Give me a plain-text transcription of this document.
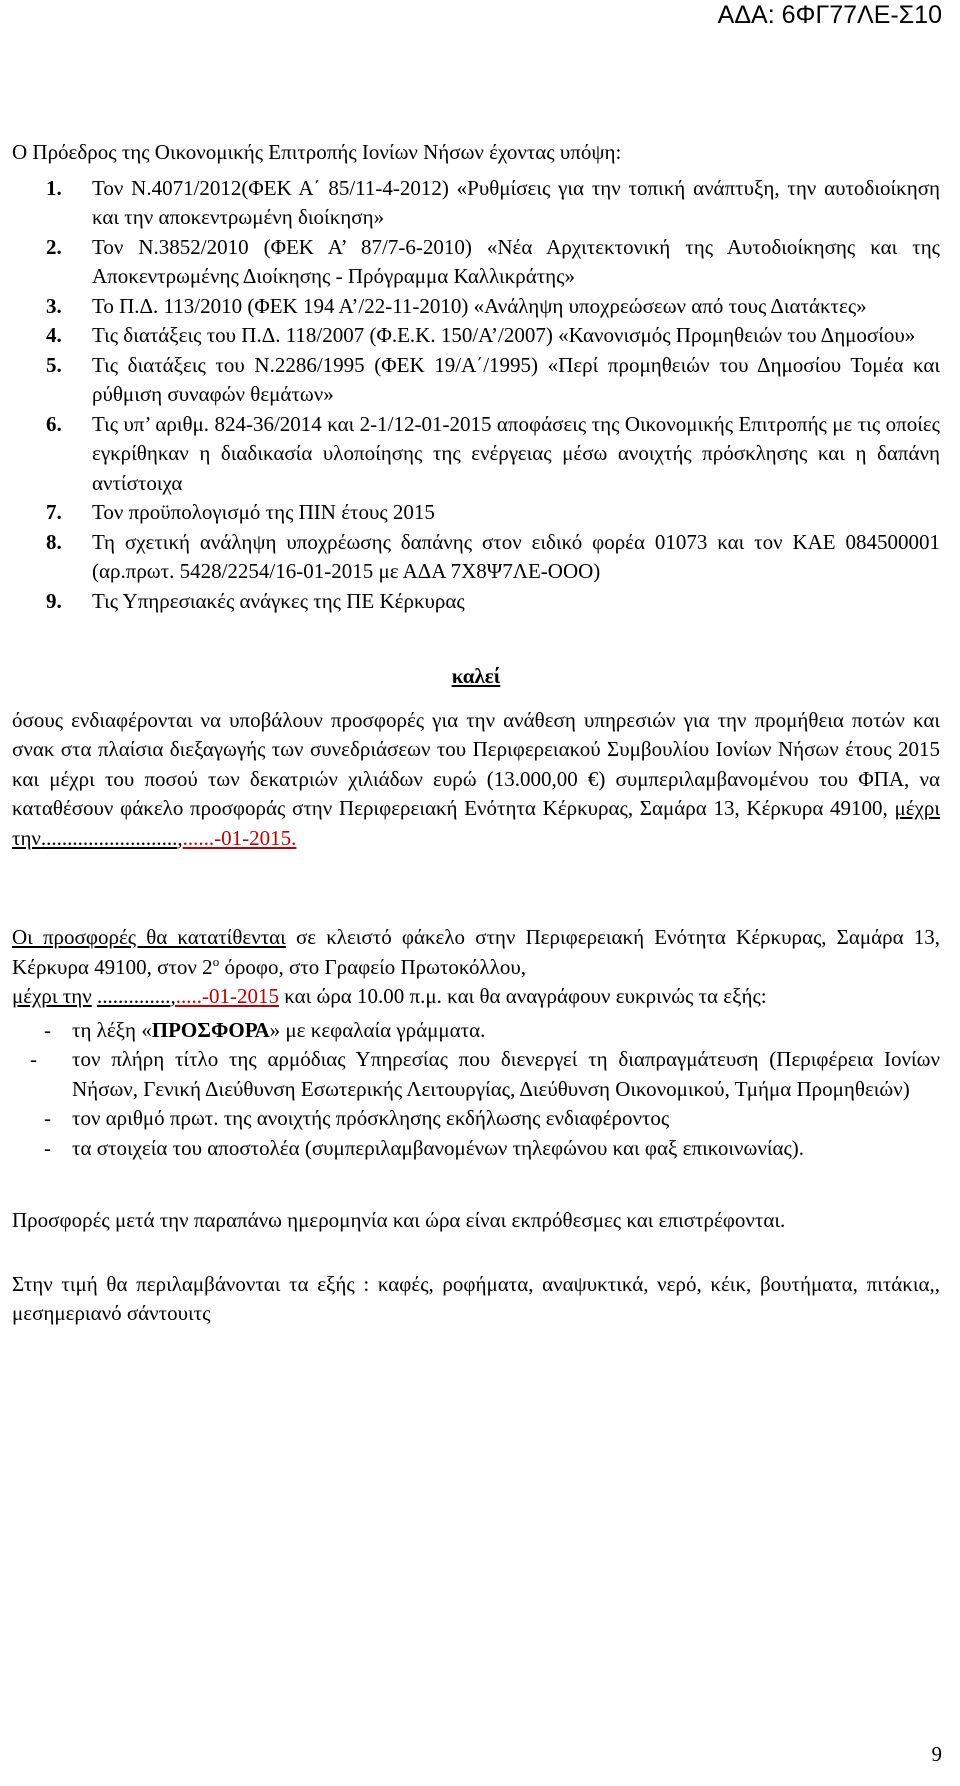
ΑΔΑ: 6ΦΓ77ΛΕ-Σ10

Ο Πρόεδρος της Οικονομικής Επιτροπής Ιονίων Νήσων έχοντας υπόψη:

1. Τον Ν.4071/2012(ΦΕΚ Α΄ 85/11-4-2012) «Ρυθμίσεις για την τοπική ανάπτυξη, την αυτοδιοίκηση και την αποκεντρωμένη διοίκηση»
2. Τον Ν.3852/2010 (ΦΕΚ Α’ 87/7-6-2010) «Νέα Αρχιτεκτονική της Αυτοδιοίκησης και της Αποκεντρωμένης Διοίκησης - Πρόγραμμα Καλλικράτης»
3. Το Π.Δ. 113/2010 (ΦΕΚ 194 Α’/22-11-2010) «Ανάληψη υποχρεώσεων από τους Διατάκτες»
4. Τις διατάξεις του Π.Δ. 118/2007 (Φ.Ε.Κ. 150/Α’/2007) «Κανονισμός Προμηθειών του Δημοσίου»
5. Τις διατάξεις του Ν.2286/1995 (ΦΕΚ 19/Α΄/1995) «Περί προμηθειών του Δημοσίου Τομέα και ρύθμιση συναφών θεμάτων»
6. Τις υπ’ αριθμ. 824-36/2014 και 2-1/12-01-2015 αποφάσεις της Οικονομικής Επιτροπής με τις οποίες εγκρίθηκαν η διαδικασία υλοποίησης της ενέργειας μέσω ανοιχτής πρόσκλησης και η δαπάνη αντίστοιχα
7. Τον προϋπολογισμό της ΠΙΝ έτους 2015
8. Τη σχετική ανάληψη υποχρέωσης δαπάνης στον ειδικό φορέα 01073 και τον ΚΑΕ 084500001 (αρ.πρωτ. 5428/2254/16-01-2015 με ΑΔΑ 7Χ8Ψ7ΛΕ-ΟΟΟ)
9. Τις Υπηρεσιακές ανάγκες της ΠΕ Κέρκυρας
καλεί

όσους ενδιαφέρονται να υποβάλουν προσφορές για την ανάθεση υπηρεσιών για την προμήθεια ποτών και σνακ στα πλαίσια διεξαγωγής των συνεδριάσεων του Περιφερειακού Συμβουλίου Ιονίων Νήσων έτους 2015 και μέχρι του ποσού των δεκατριών χιλιάδων ευρώ (13.000,00 €) συμπεριλαμβανομένου του ΦΠΑ, να καταθέσουν φάκελο προσφοράς στην Περιφερειακή Ενότητα Κέρκυρας, Σαμάρα 13, Κέρκυρα 49100, μέχρι την..........................,......-01-2015.

Οι προσφορές θα κατατίθενται σε κλειστό φάκελο στην Περιφερειακή Ενότητα Κέρκυρας, Σαμάρα 13, Κέρκυρα 49100, στον $2^o$ όροφο, στο Γραφείο Πρωτοκόλλου,
μέχρι την ..............,.....-01-2015 και ώρα 10.00 π.μ. και θα αναγράφουν ευκρινώς τα εξής:

- τη λέξη «ΠΡΟΣΦΟΡΑ» με κεφαλαία γράμματα.
- τον πλήρη τίτλο της αρμόδιας Υπηρεσίας που διενεργεί τη διαπραγμάτευση (Περιφέρεια Ιονίων Νήσων, Γενική Διεύθυνση Εσωτερικής Λειτουργίας, Διεύθυνση Οικονομικού, Τμήμα Προμηθειών)
- τον αριθμό πρωτ. της ανοιχτής πρόσκλησης εκδήλωσης ενδιαφέροντος
- τα στοιχεία του αποστολέα (συμπεριλαμβανομένων τηλεφώνου και φαξ επικοινωνίας).

Προσφορές μετά την παραπάνω ημερομηνία και ώρα είναι εκπρόθεσμες και επιστρέφονται.

Στην τιμή θα περιλαμβάνονται τα εξής : καφές, ροφήματα, αναψυκτικά, νερό, κέικ, βουτήματα, πιτάκια,, μεσημεριανό σάντουιτς

9
